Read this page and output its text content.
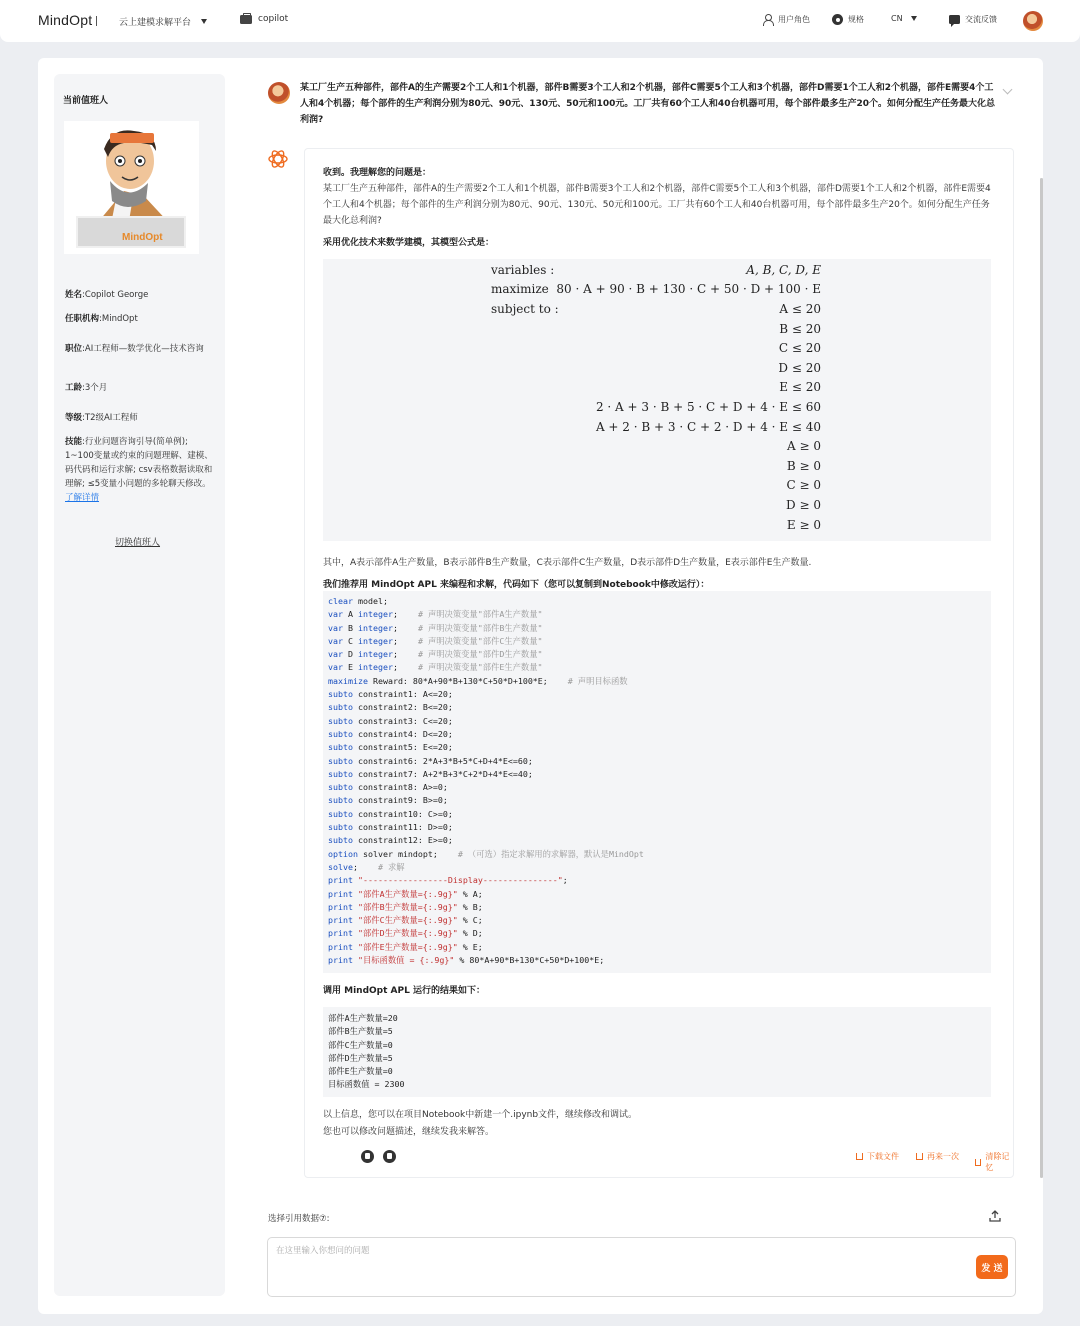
MindOpt	云上建模求解平台	copilot	用户角色	规格	CN	交流反馈
当前值班人
MindOpt
姓名:Copilot George
任职机构:MindOpt
职位:AI工程师—数学优化—技术咨询
工龄:3个月
等级:T2级AI工程师
技能:行业问题咨询引导(简单例); 1~100变量或约束的问题理解、建模、码代码和运行求解; csv表格数据读取和理解; ≤5变量小问题的多轮聊天修改。 了解详情
切换值班人
某工厂生产五种部件，部件A的生产需要2个工人和1个机器，部件B需要3个工人和2个机器，部件C需要5个工人和3个机器，部件D需要1个工人和2个机器，部件E需要4个工人和4个机器；每个部件的生产利润分别为80元、90元、130元、50元和100元。工厂共有60个工人和40台机器可用，每个部件最多生产20个。如何分配生产任务最大化总利润?
收到。我理解您的问题是：
某工厂生产五种部件，部件A的生产需要2个工人和1个机器，部件B需要3个工人和2个机器，部件C需要5个工人和3个机器，部件D需要1个工人和2个机器，部件E需要4个工人和4个机器；每个部件的生产利润分别为80元、90元、130元、50元和100元。工厂共有60个工人和40台机器可用，每个部件最多生产20个。如何分配生产任务最大化总利润?
采用优化技术来数学建模，其模型公式是：
variables :	A, B, C, D, E
maximize 80 · A + 90 · B + 130 · C + 50 · D + 100 · E
subject to :	A ≤ 20
B ≤ 20
C ≤ 20
D ≤ 20
E ≤ 20
2 · A + 3 · B + 5 · C + D + 4 · E ≤ 60
A + 2 · B + 3 · C + 2 · D + 4 · E ≤ 40
A ≥ 0
B ≥ 0
C ≥ 0
D ≥ 0
E ≥ 0
其中，A表示部件A生产数量，B表示部件B生产数量，C表示部件C生产数量，D表示部件D生产数量，E表示部件E生产数量.
我们推荐用 MindOpt APL 来编程和求解，代码如下（您可以复制到Notebook中修改运行）：
clear model;
var A integer; # 声明决策变量"部件A生产数量"
var B integer; # 声明决策变量"部件B生产数量"
var C integer; # 声明决策变量"部件C生产数量"
var D integer; # 声明决策变量"部件D生产数量"
var E integer; # 声明决策变量"部件E生产数量"
maximize Reward: 80*A+90*B+130*C+50*D+100*E; # 声明目标函数
subto constraint1: A<=20;
subto constraint2: B<=20;
subto constraint3: C<=20;
subto constraint4: D<=20;
subto constraint5: E<=20;
subto constraint6: 2*A+3*B+5*C+D+4*E<=60;
subto constraint7: A+2*B+3*C+2*D+4*E<=40;
subto constraint8: A>=0;
subto constraint9: B>=0;
subto constraint10: C>=0;
subto constraint11: D>=0;
subto constraint12: E>=0;
option solver mindopt; # （可选）指定求解用的求解器，默认是MindOpt
solve; # 求解
print "-----------------Display---------------";
print "部件A生产数量={:.9g}" % A;
print "部件B生产数量={:.9g}" % B;
print "部件C生产数量={:.9g}" % C;
print "部件D生产数量={:.9g}" % D;
print "部件E生产数量={:.9g}" % E;
print "目标函数值 = {:.9g}" % 80*A+90*B+130*C+50*D+100*E;
调用 MindOpt APL 运行的结果如下：
部件A生产数量=20
部件B生产数量=5
部件C生产数量=0
部件D生产数量=5
部件E生产数量=0
目标函数值 = 2300
以上信息，您可以在项目Notebook中新建一个.ipynb文件，继续修改和调试。
您也可以修改问题描述，继续发我来解答。
下载文件	再来一次	清除记忆
选择引用数据⑦:
在这里输入你想问的问题
发 送
